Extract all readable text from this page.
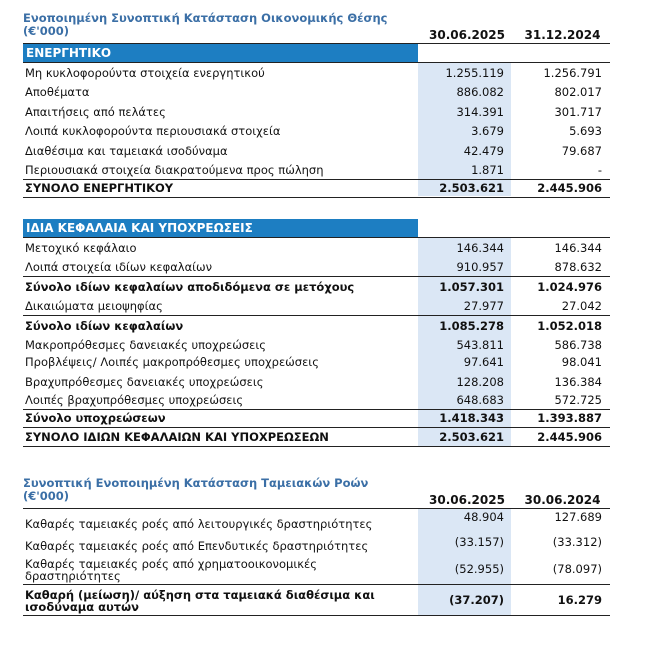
Ενοποιημένη Συνοπτική Κατάσταση Οικονομικής Θέσης (€'000)	30.06.2025	31.12.2024
ΕΝΕΡΓΗΤΙΚΟ
Μη κυκλοφορούντα στοιχεία ενεργητικού	1.255.119	1.256.791
Αποθέματα	886.082	802.017
Απαιτήσεις από πελάτες	314.391	301.717
Λοιπά κυκλοφορούντα περιουσιακά στοιχεία	3.679	5.693
Διαθέσιμα και ταμειακά ισοδύναμα	42.479	79.687
Περιουσιακά στοιχεία διακρατούμενα προς πώληση	1.871	-
ΣΥΝΟΛΟ ΕΝΕΡΓΗΤΙΚΟΥ	2.503.621	2.445.906
ΙΔΙΑ ΚΕΦΑΛΑΙΑ ΚΑΙ ΥΠΟΧΡΕΩΣΕΙΣ
Μετοχικό κεφάλαιο	146.344	146.344
Λοιπά στοιχεία ιδίων κεφαλαίων	910.957	878.632
Σύνολο ιδίων κεφαλαίων αποδιδόμενα σε μετόχους	1.057.301	1.024.976
Δικαιώματα μειοψηφίας	27.977	27.042
Σύνολο ιδίων κεφαλαίων	1.085.278	1.052.018
Μακροπρόθεσμες δανειακές υποχρεώσεις	543.811	586.738
Προβλέψεις/ Λοιπές μακροπρόθεσμες υποχρεώσεις	97.641	98.041
Βραχυπρόθεσμες δανειακές υποχρεώσεις	128.208	136.384
Λοιπές βραχυπρόθεσμες υποχρεώσεις	648.683	572.725
Σύνολο υποχρεώσεων	1.418.343	1.393.887
ΣΥΝΟΛΟ ΙΔΙΩΝ ΚΕΦΑΛΑΙΩΝ ΚΑΙ ΥΠΟΧΡΕΩΣΕΩΝ	2.503.621	2.445.906
Συνοπτική Ενοποιημένη Κατάσταση Ταμειακών Ροών (€'000)	30.06.2025	30.06.2024
Καθαρές ταμειακές ροές από λειτουργικές δραστηριότητες	48.904	127.689
Καθαρές ταμειακές ροές από Επενδυτικές δραστηριότητες	(33.157)	(33.312)
Καθαρές ταμειακές ροές από χρηματοοικονομικές δραστηριότητες	(52.955)	(78.097)
Καθαρή (μείωση)/ αύξηση στα ταμειακά διαθέσιμα και ισοδύναμα αυτών	(37.207)	16.279
